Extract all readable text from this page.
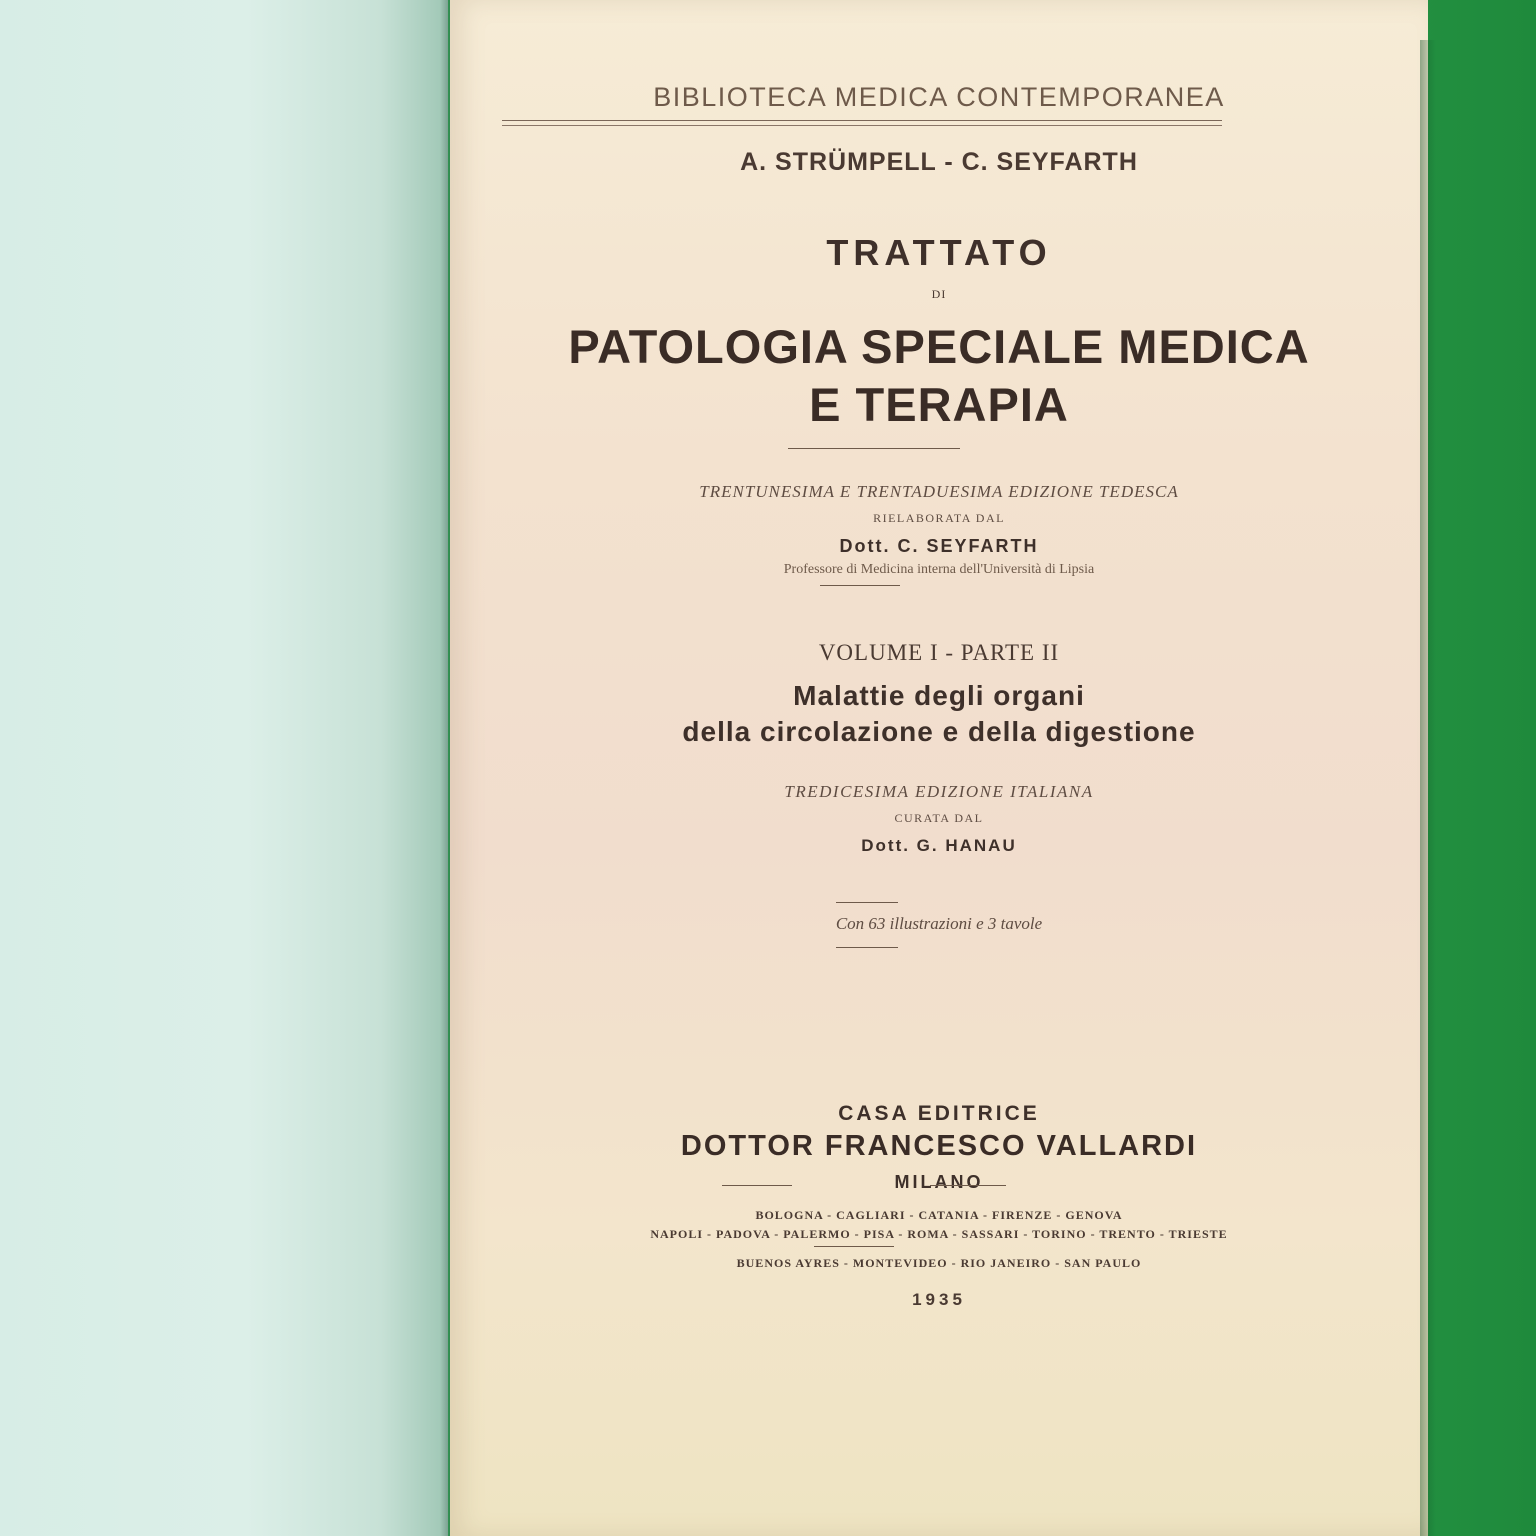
BIBLIOTECA MEDICA CONTEMPORANEA
A. STRÜMPELL - C. SEYFARTH
TRATTATO
DI
PATOLOGIA SPECIALE MEDICA
E TERAPIA
TRENTUNESIMA E TRENTADUESIMA EDIZIONE TEDESCA
RIELABORATA DAL
Dott. C. SEYFARTH
Professore di Medicina interna dell'Università di Lipsia
VOLUME I - PARTE II
Malattie degli organi
della circolazione e della digestione
TREDICESIMA EDIZIONE ITALIANA
CURATA DAL
Dott. G. HANAU
Con 63 illustrazioni e 3 tavole
CASA EDITRICE
DOTTOR FRANCESCO VALLARDI
MILANO
BOLOGNA - CAGLIARI - CATANIA - FIRENZE - GENOVA
NAPOLI - PADOVA - PALERMO - PISA - ROMA - SASSARI - TORINO - TRENTO - TRIESTE
BUENOS AYRES - MONTEVIDEO - RIO JANEIRO - SAN PAULO
1935
